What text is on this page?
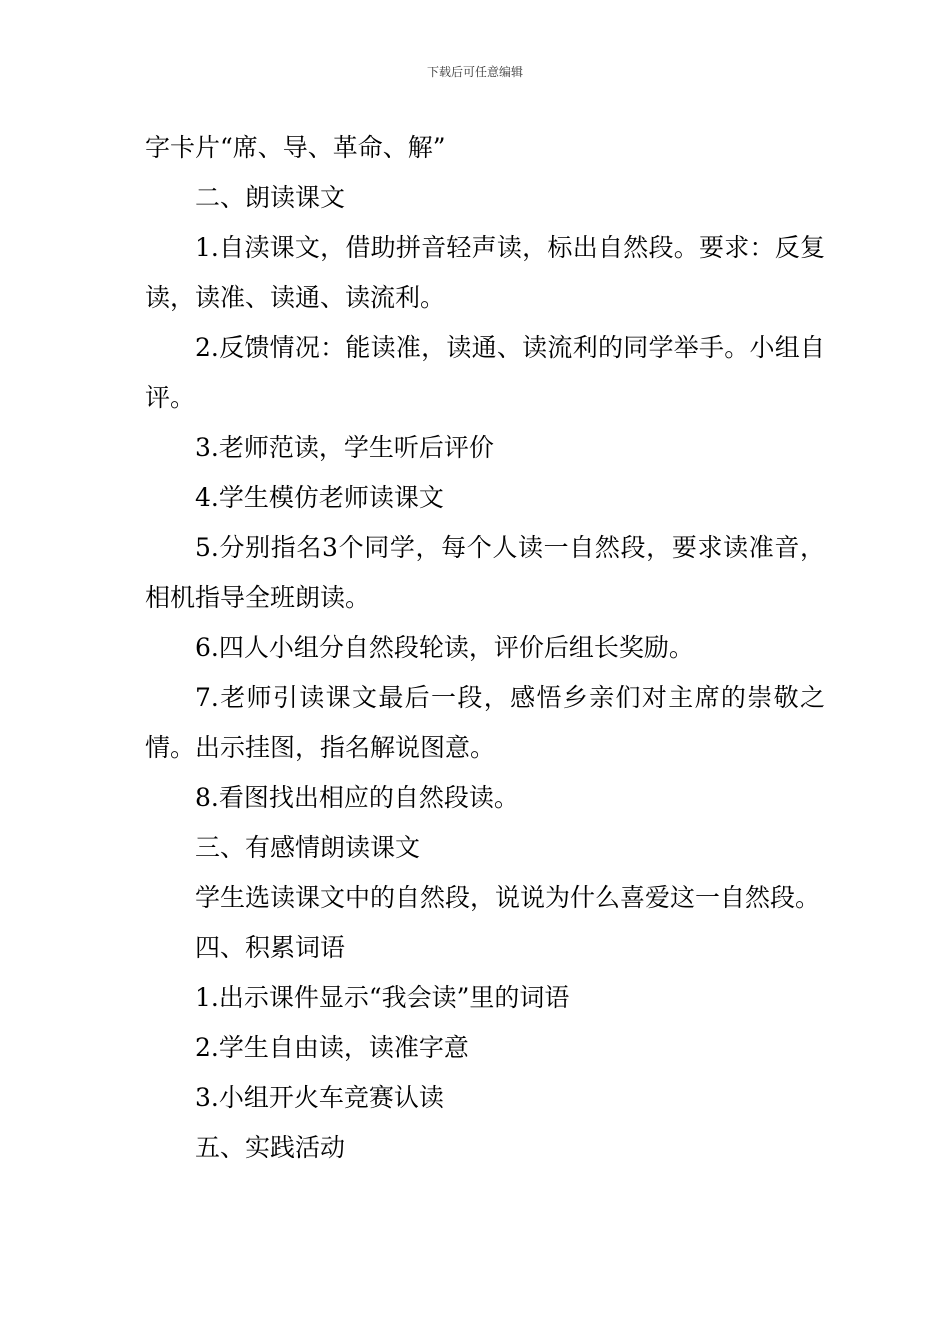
下载后可任意编辑

字卡片“席、导、革命、解”

二、朗读课文

1.自渎课文，借助拼音轻声读，标出自然段。要求：反复读，读准、读通、读流利。

2.反馈情况：能读准，读通、读流利的同学举手。小组自评。

3.老师范读，学生听后评价

4.学生模仿老师读课文

5.分别指名3个同学，每个人读一自然段，要求读准音，相机指导全班朗读。

6.四人小组分自然段轮读，评价后组长奖励。

7.老师引读课文最后一段，感悟乡亲们对主席的崇敬之情。出示挂图，指名解说图意。

8.看图找出相应的自然段读。

三、有感情朗读课文

学生选读课文中的自然段，说说为什么喜爱这一自然段。

四、积累词语

1.出示课件显示“我会读”里的词语

2.学生自由读，读准字意

3.小组开火车竞赛认读

五、实践活动
